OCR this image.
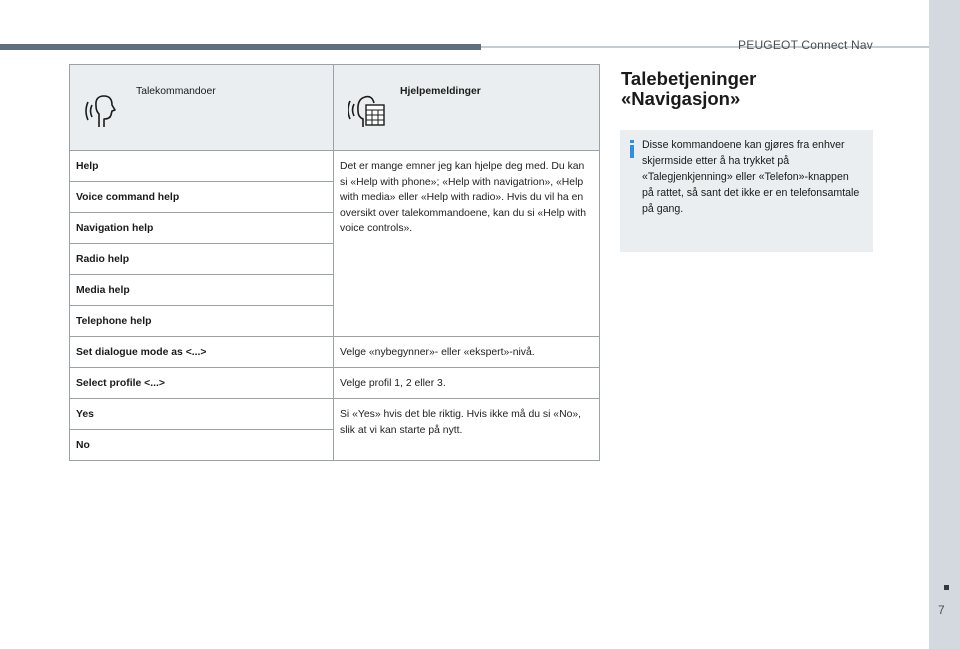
PEUGEOT Connect Nav
7
Talekommandoer	Hjelpemeldinger

Help	Det er mange emner jeg kan hjelpe deg med. Du kan si «Help with phone»; «Help with navigatrion», «Help with media» eller «Help with radio». Hvis du vil ha en oversikt over talekommandoene, kan du si «Help with voice controls».
Voice command help	
Navigation help	
Radio help	
Media help	
Telephone help	
Set dialogue mode as <...>	Velge «nybegynner»- eller «ekspert»-nivå.
Select profile <...>	Velge profil 1, 2 eller 3.
Yes	Si «Yes» hvis det ble riktig. Hvis ikke må du si «No», slik at vi kan starte på nytt.
No	
Talebetjeninger «Navigasjon»
Disse kommandoene kan gjøres fra enhver skjermside etter å ha trykket på «Talegjenkjenning» eller «Telefon»-knappen på rattet, så sant det ikke er en telefonsamtale på gang.
